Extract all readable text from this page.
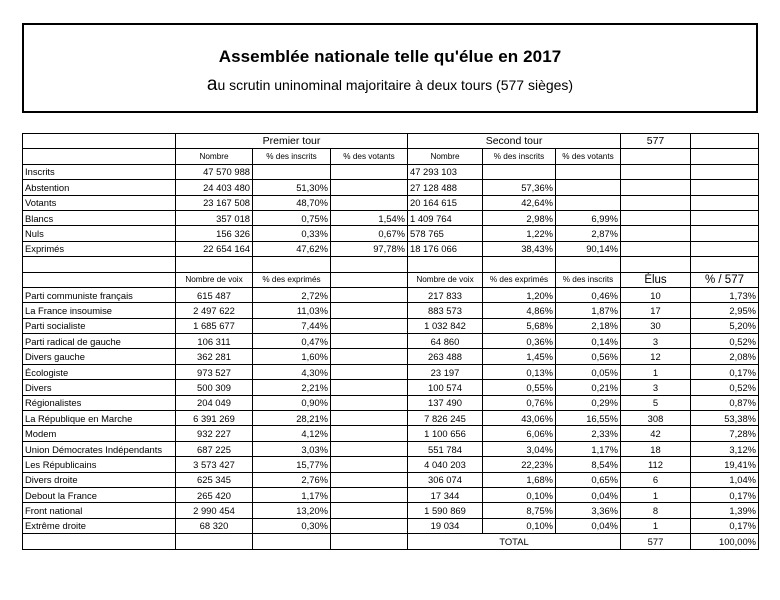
Assemblée nationale telle qu'élue en 2017
au scrutin uninominal majoritaire à deux tours (577 sièges)
	Premier tour			Second tour			577	
	Nombre	% des inscrits	% des votants	Nombre	% des inscrits	% des votants		
Inscrits	47 570 988			47 293 103				
Abstention	24 403 480	51,30%		27 128 488	57,36%			
Votants	23 167 508	48,70%		20 164 615	42,64%			
Blancs	357 018	0,75%	1,54%	1 409 764	2,98%	6,99%		
Nuls	156 326	0,33%	0,67%	578 765	1,22%	2,87%		
Exprimés	22 654 164	47,62%	97,78%	18 176 066	38,43%	90,14%		

	Nombre de voix	% des exprimés		Nombre de voix	% des exprimés	% des inscrits	Élus	% / 577
Parti communiste français	615 487	2,72%		217 833	1,20%	0,46%	10	1,73%
La France insoumise	2 497 622	11,03%		883 573	4,86%	1,87%	17	2,95%
Parti socialiste	1 685 677	7,44%		1 032 842	5,68%	2,18%	30	5,20%
Parti radical de gauche	106 311	0,47%		64 860	0,36%	0,14%	3	0,52%
Divers gauche	362 281	1,60%		263 488	1,45%	0,56%	12	2,08%
Écologiste	973 527	4,30%		23 197	0,13%	0,05%	1	0,17%
Divers	500 309	2,21%		100 574	0,55%	0,21%	3	0,52%
Régionalistes	204 049	0,90%		137 490	0,76%	0,29%	5	0,87%
La République en Marche	6 391 269	28,21%		7 826 245	43,06%	16,55%	308	53,38%
Modem	932 227	4,12%		1 100 656	6,06%	2,33%	42	7,28%
Union Démocrates Indépendants	687 225	3,03%		551 784	3,04%	1,17%	18	3,12%
Les Républicains	3 573 427	15,77%		4 040 203	22,23%	8,54%	112	19,41%
Divers droite	625 345	2,76%		306 074	1,68%	0,65%	6	1,04%
Debout la France	265 420	1,17%		17 344	0,10%	0,04%	1	0,17%
Front national	2 990 454	13,20%		1 590 869	8,75%	3,36%	8	1,39%
Extrême droite	68 320	0,30%		19 034	0,10%	0,04%	1	0,17%
				TOTAL			577	100,00%
